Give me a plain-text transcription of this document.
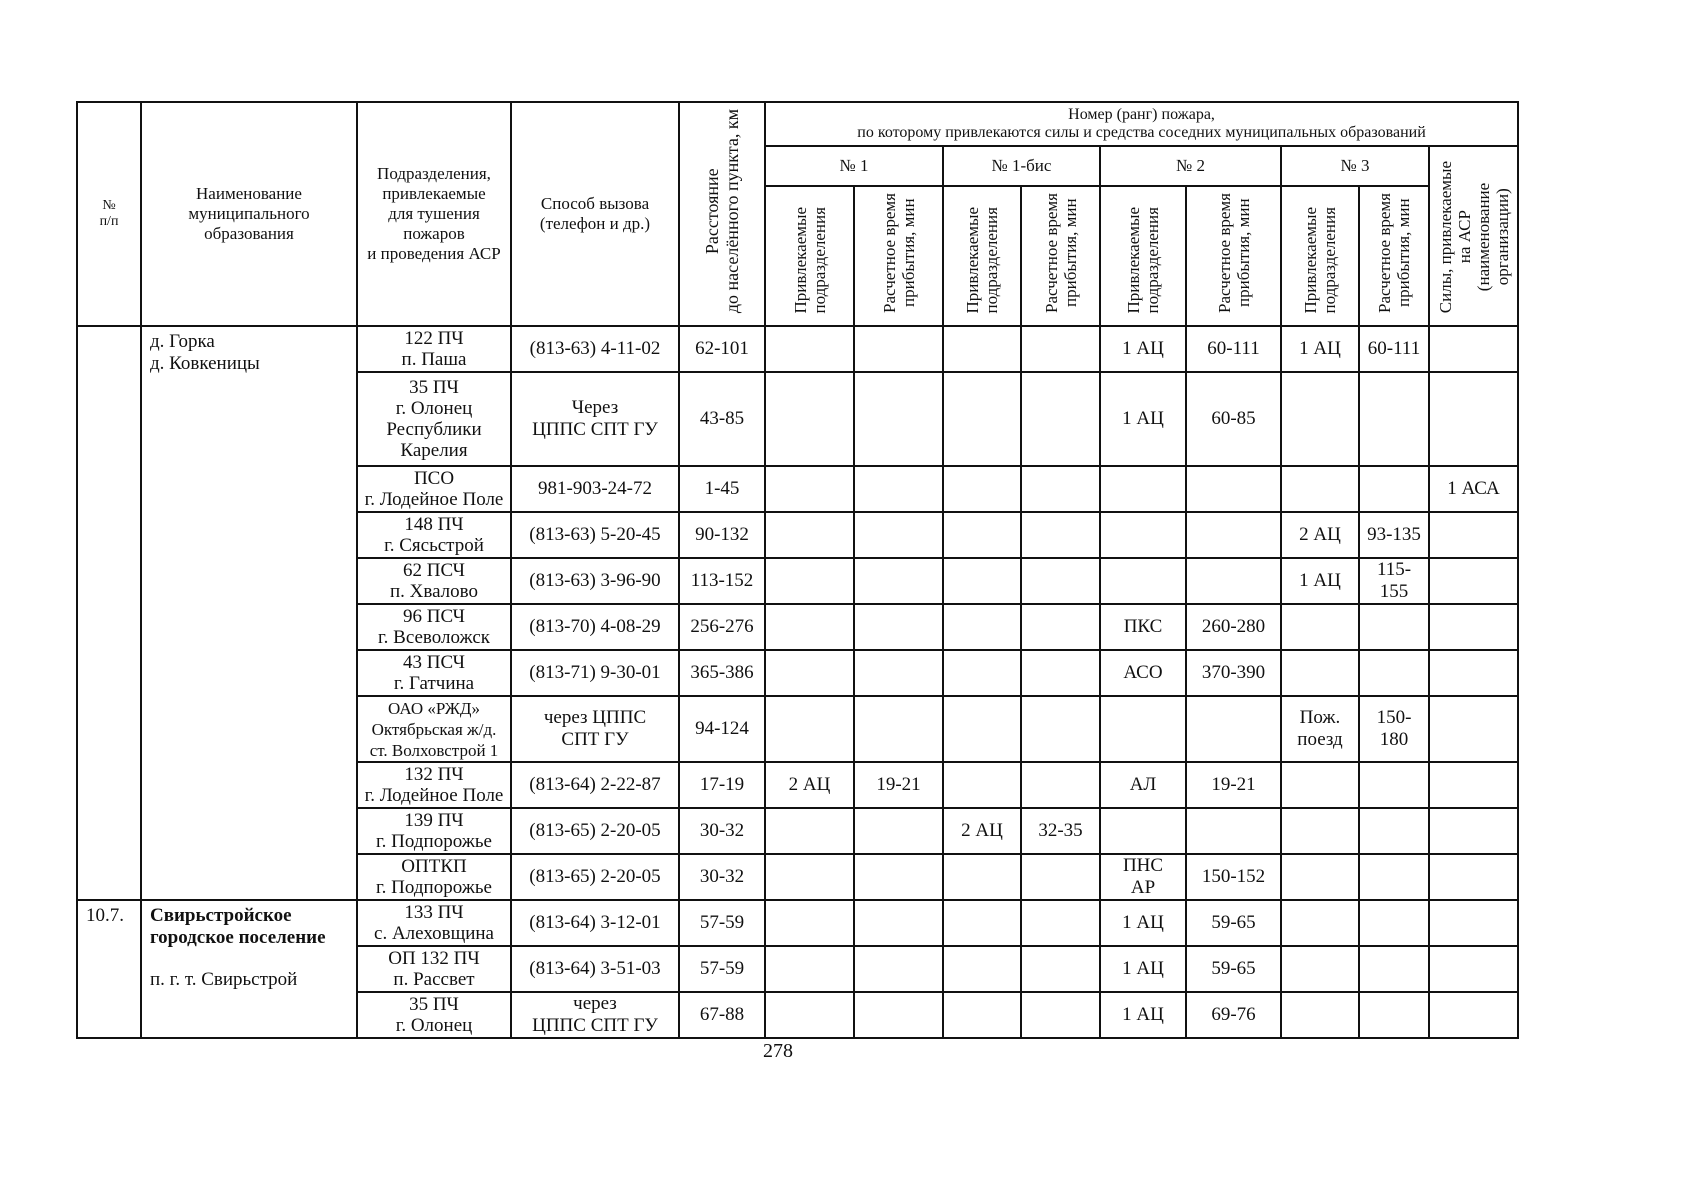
№
п/п	Наименование
муниципального
образования	Подразделения,
привлекаемые
для тушения
пожаров
и проведения АСР	Способ вызова
(телефон и др.)	Расстояние
до населённого пункта, км	Номер (ранг) пожара,
по которому привлекаются силы и средства соседних муниципальных образований								
					№ 1		№ 1-бис		№ 2		№ 3		Силы, привлекаемые
на АСР
(наименование
организации)
					Привлекаемые
подразделения	Расчетное время
прибытия, мин	Привлекаемые
подразделения	Расчетное время
прибытия, мин	Привлекаемые
подразделения	Расчетное время
прибытия, мин	Привлекаемые
подразделения	Расчетное время
прибытия, мин	
	д. Горка
д. Ковкеницы	122 ПЧ
п. Паша	(813-63) 4-11-02	62-101					1 АЦ	60-111	1 АЦ	60-111	
		35 ПЧ
г. Олонец
Республики
Карелия	Через
ЦППС СПТ ГУ	43-85					1 АЦ	60-85			
		ПСО
г. Лодейное Поле	981-903-24-72	1-45									1 АСА
		148 ПЧ
г. Сясьстрой	(813-63) 5-20-45	90-132							2 АЦ	93-135	
		62 ПСЧ
п. Хвалово	(813-63) 3-96-90	113-152							1 АЦ	115-
155	
		96 ПСЧ
г. Всеволожск	(813-70) 4-08-29	256-276					ПКС	260-280			
		43 ПСЧ
г. Гатчина	(813-71) 9-30-01	365-386					АСО	370-390			
		ОАО «РЖД»
Октябрьская ж/д.
ст. Волховстрой 1	через ЦППС
СПТ ГУ	94-124							Пож.
поезд	150-
180	
		132 ПЧ
г. Лодейное Поле	(813-64) 2-22-87	17-19	2 АЦ	19-21			АЛ	19-21			
		139 ПЧ
г. Подпорожье	(813-65) 2-20-05	30-32			2 АЦ	32-35					
		ОПТКП
г. Подпорожье	(813-65) 2-20-05	30-32					ПНС
АР	150-152			
10.7.	Свирьстройское
городское поселение
п. г. т. Свирьстрой	133 ПЧ
с. Алеховщина	(813-64) 3-12-01	57-59					1 АЦ	59-65			
		ОП 132 ПЧ
п. Рассвет	(813-64) 3-51-03	57-59					1 АЦ	59-65			
		35 ПЧ
г. Олонец	через
ЦППС СПТ ГУ	67-88					1 АЦ	69-76			
278
